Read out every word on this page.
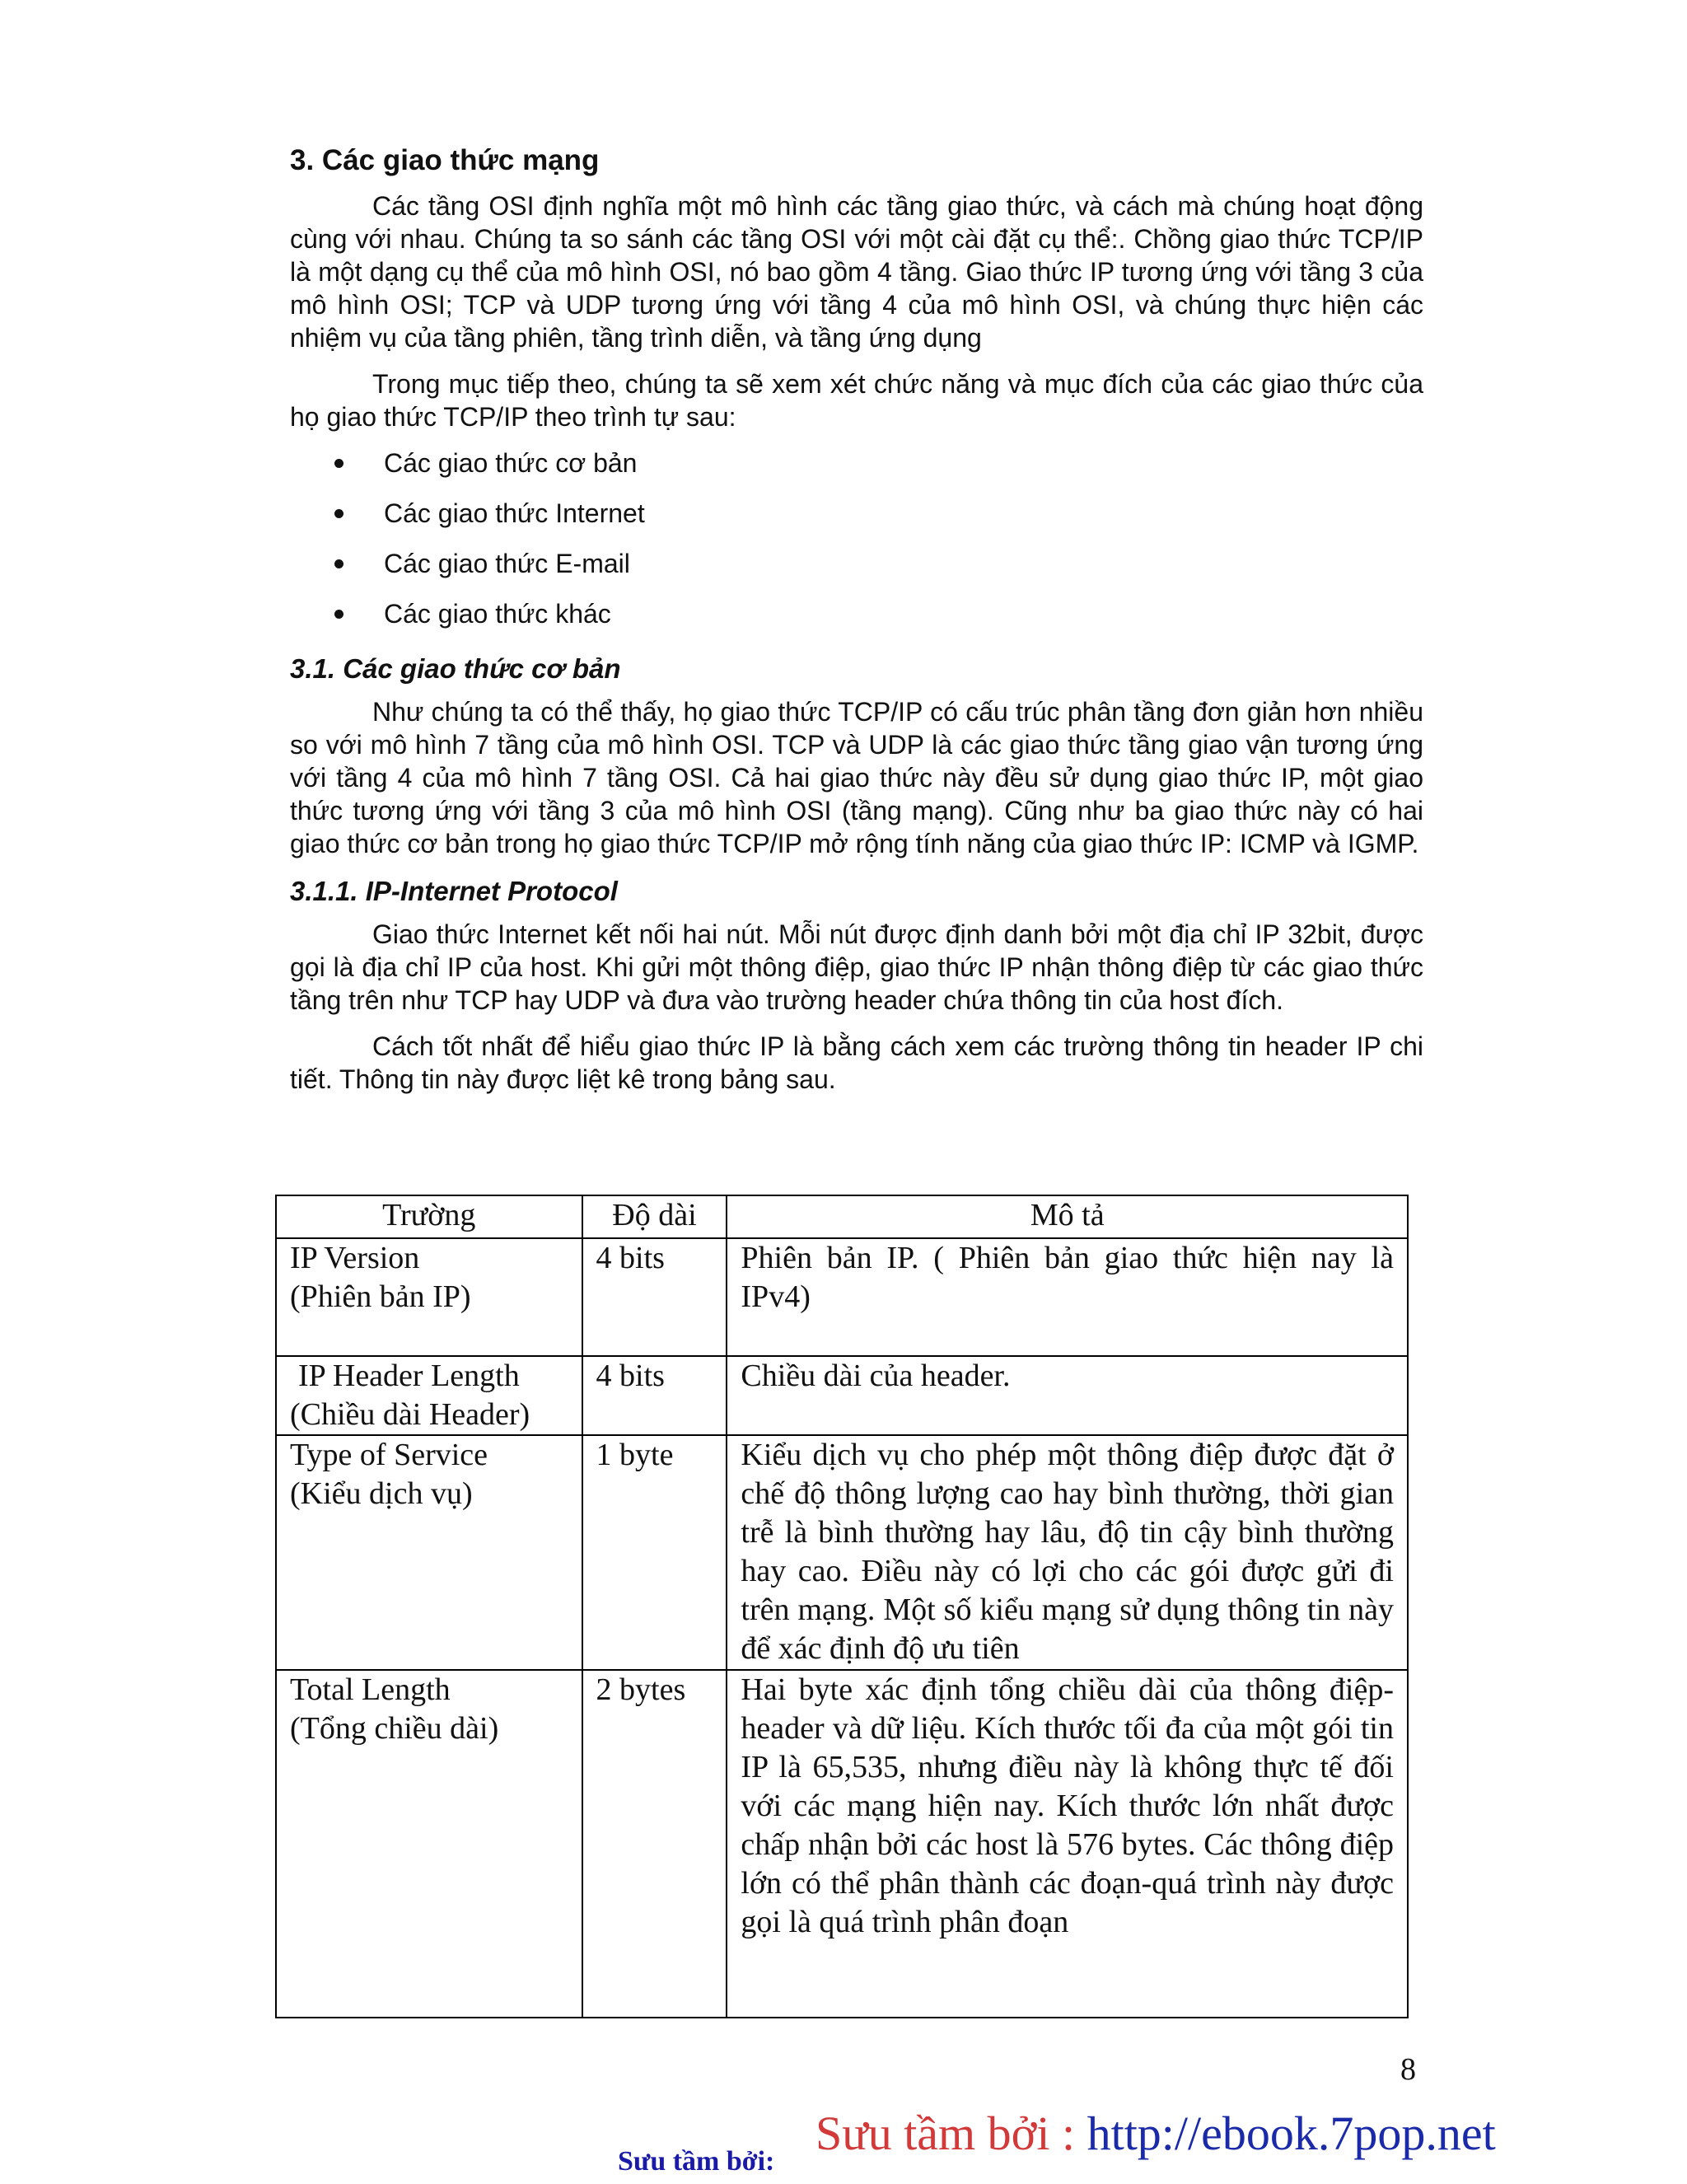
3. Các giao thức mạng

Các tầng OSI định nghĩa một mô hình các tầng giao thức, và cách mà chúng hoạt động cùng với nhau. Chúng ta so sánh các tầng OSI với một cài đặt cụ thể:. Chồng giao thức TCP/IP là một dạng cụ thể của mô hình OSI, nó bao gồm 4 tầng. Giao thức IP tương ứng với tầng 3 của mô hình OSI; TCP và UDP tương ứng với tầng 4 của mô hình OSI, và chúng thực hiện các nhiệm vụ của tầng phiên, tầng trình diễn, và tầng ứng dụng

Trong mục tiếp theo, chúng ta sẽ xem xét chức năng và mục đích của các giao thức của họ giao thức TCP/IP theo trình tự sau:

Các giao thức cơ bản
Các giao thức Internet
Các giao thức E-mail
Các giao thức khác
3.1. Các giao thức cơ bản

Như chúng ta có thể thấy, họ giao thức TCP/IP có cấu trúc phân tầng đơn giản hơn nhiều so với mô hình 7 tầng của mô hình OSI. TCP và UDP là các giao thức tầng giao vận tương ứng với tầng 4 của mô hình 7 tầng OSI. Cả hai giao thức này đều sử dụng giao thức IP, một giao thức tương ứng với tầng 3 của mô hình OSI (tầng mạng). Cũng như ba giao thức này có hai giao thức cơ bản trong họ giao thức TCP/IP mở rộng tính năng của giao thức IP: ICMP và IGMP.

3.1.1. IP-Internet Protocol

Giao thức Internet kết nối hai nút. Mỗi nút được định danh bởi một địa chỉ IP 32bit, được gọi là địa chỉ IP của host. Khi gửi một thông điệp, giao thức IP nhận thông điệp từ các giao thức tầng trên như TCP hay UDP và đưa vào trường header chứa thông tin của host đích.

Cách tốt nhất để hiểu giao thức IP là bằng cách xem các trường thông tin header IP chi tiết. Thông tin này được liệt kê trong bảng sau.

Trường	Độ dài	Mô tả

IP Version
(Phiên bản IP)	4 bits	Phiên bản IP. ( Phiên bản giao thức hiện nay là IPv4)

IP Header Length
(Chiều dài Header)	4 bits	Chiều dài của header.

Type of Service
(Kiểu dịch vụ)	1 byte	Kiểu dịch vụ cho phép một thông điệp được đặt ở chế độ thông lượng cao hay bình thường, thời gian trễ là bình thường hay lâu, độ tin cậy bình thường hay cao. Điều này có lợi cho các gói được gửi đi trên mạng. Một số kiểu mạng sử dụng thông tin này để xác định độ ưu tiên

Total Length
(Tổng chiều dài)	2 bytes	Hai byte xác định tổng chiều dài của thông điệp-header và dữ liệu. Kích thước tối đa của một gói tin IP là 65,535, nhưng điều này là không thực tế đối với các mạng hiện nay. Kích thước lớn nhất được chấp nhận bởi các host là 576 bytes. Các thông điệp lớn có thể phân thành các đoạn-quá trình này được gọi là quá trình phân đoạn
8
Sưu tầm bởi : http://ebook.7pop.net
Sưu tầm bởi:
